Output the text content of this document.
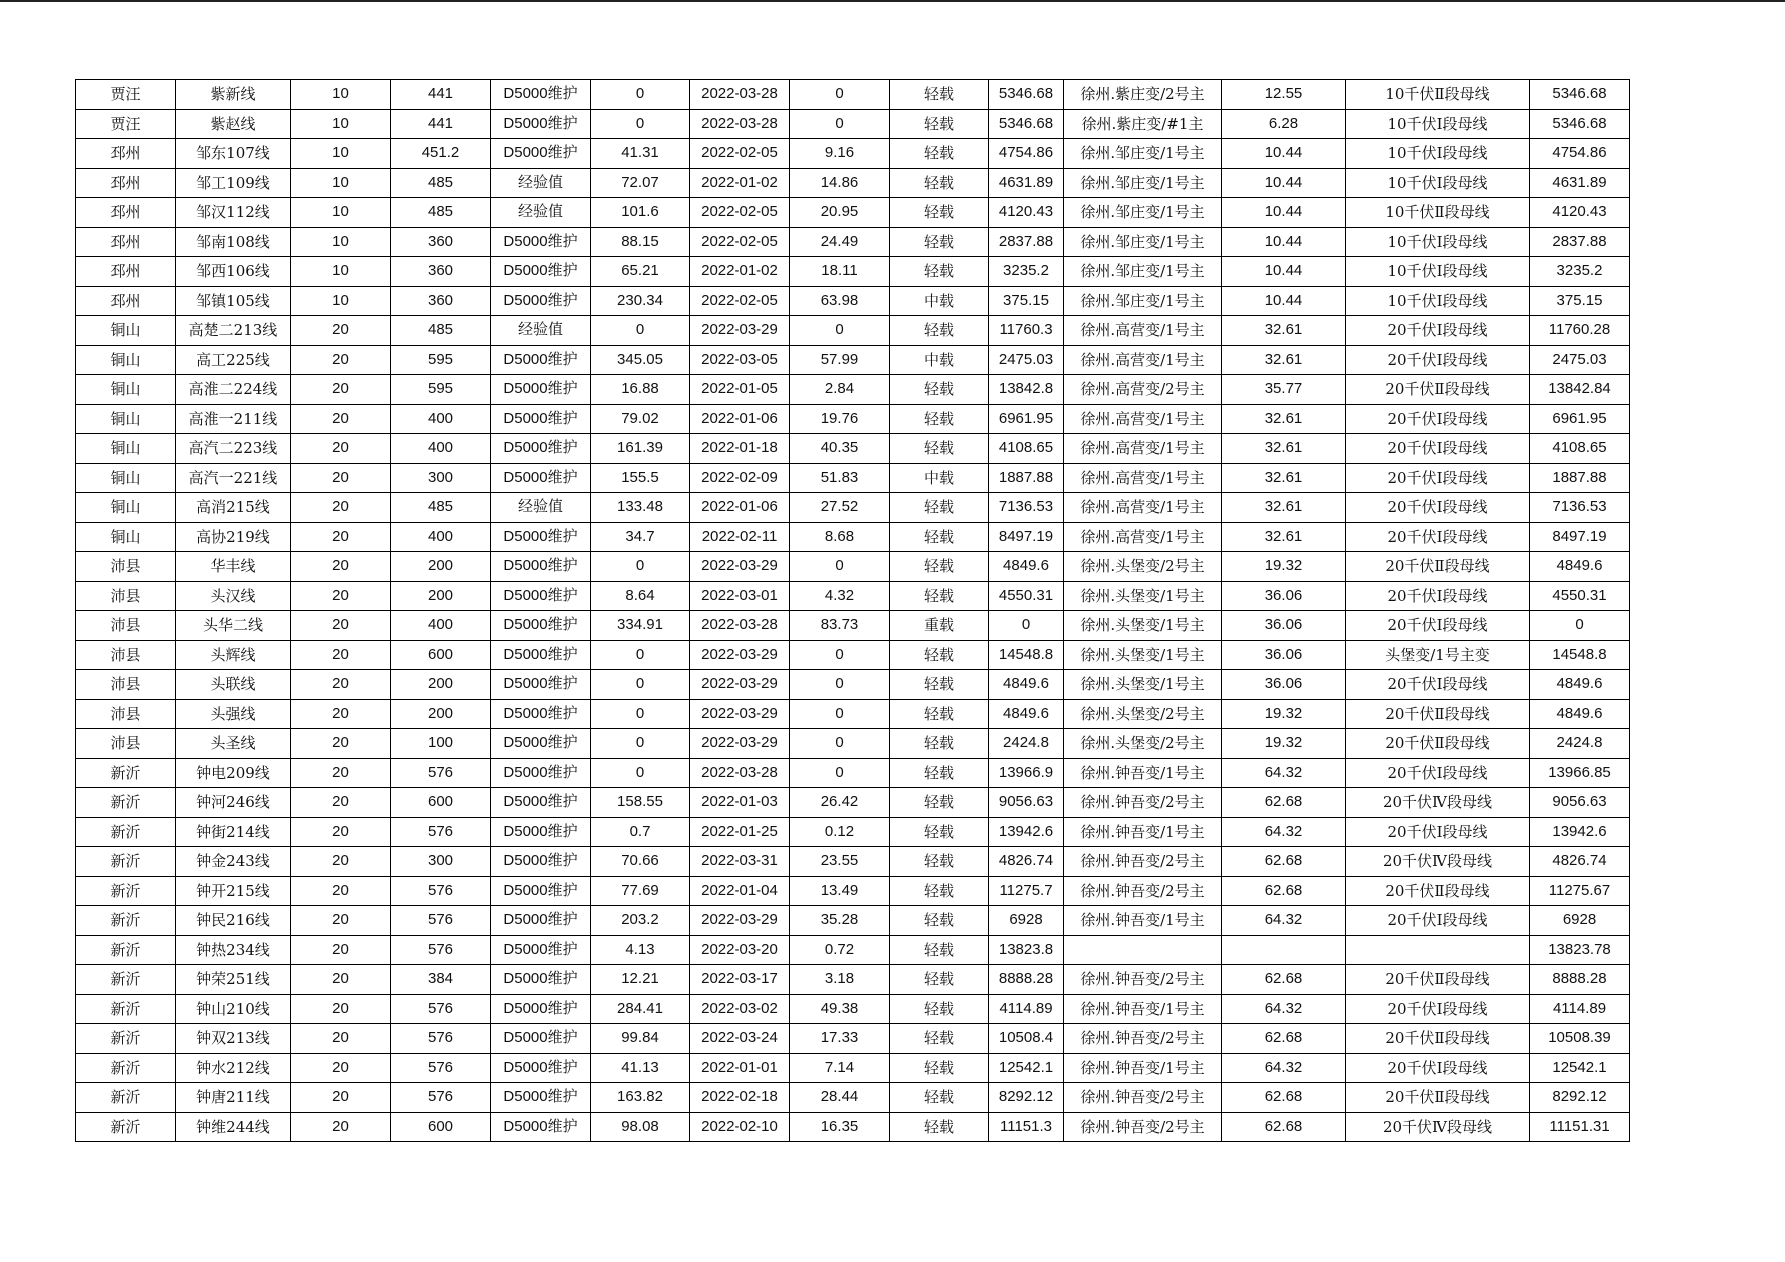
贾汪	紫新线	10	441	D5000维护	0	2022-03-28	0	轻载	5346.68	徐州.紫庄变/2号主	12.55	10千伏Ⅱ段母线	5346.68
贾汪	紫赵线	10	441	D5000维护	0	2022-03-28	0	轻载	5346.68	徐州.紫庄变/#1主	6.28	10千伏Ⅰ段母线	5346.68
邳州	邹东107线	10	451.2	D5000维护	41.31	2022-02-05	9.16	轻载	4754.86	徐州.邹庄变/1号主	10.44	10千伏Ⅰ段母线	4754.86
邳州	邹工109线	10	485	经验值	72.07	2022-01-02	14.86	轻载	4631.89	徐州.邹庄变/1号主	10.44	10千伏Ⅰ段母线	4631.89
邳州	邹汉112线	10	485	经验值	101.6	2022-02-05	20.95	轻载	4120.43	徐州.邹庄变/1号主	10.44	10千伏Ⅱ段母线	4120.43
邳州	邹南108线	10	360	D5000维护	88.15	2022-02-05	24.49	轻载	2837.88	徐州.邹庄变/1号主	10.44	10千伏Ⅰ段母线	2837.88
邳州	邹西106线	10	360	D5000维护	65.21	2022-01-02	18.11	轻载	3235.2	徐州.邹庄变/1号主	10.44	10千伏Ⅰ段母线	3235.2
邳州	邹镇105线	10	360	D5000维护	230.34	2022-02-05	63.98	中载	375.15	徐州.邹庄变/1号主	10.44	10千伏Ⅰ段母线	375.15
铜山	高楚二213线	20	485	经验值	0	2022-03-29	0	轻载	11760.3	徐州.高营变/1号主	32.61	20千伏Ⅰ段母线	11760.28
铜山	高工225线	20	595	D5000维护	345.05	2022-03-05	57.99	中载	2475.03	徐州.高营变/1号主	32.61	20千伏Ⅰ段母线	2475.03
铜山	高淮二224线	20	595	D5000维护	16.88	2022-01-05	2.84	轻载	13842.8	徐州.高营变/2号主	35.77	20千伏Ⅱ段母线	13842.84
铜山	高淮一211线	20	400	D5000维护	79.02	2022-01-06	19.76	轻载	6961.95	徐州.高营变/1号主	32.61	20千伏Ⅰ段母线	6961.95
铜山	高汽二223线	20	400	D5000维护	161.39	2022-01-18	40.35	轻载	4108.65	徐州.高营变/1号主	32.61	20千伏Ⅰ段母线	4108.65
铜山	高汽一221线	20	300	D5000维护	155.5	2022-02-09	51.83	中载	1887.88	徐州.高营变/1号主	32.61	20千伏Ⅰ段母线	1887.88
铜山	高消215线	20	485	经验值	133.48	2022-01-06	27.52	轻载	7136.53	徐州.高营变/1号主	32.61	20千伏Ⅰ段母线	7136.53
铜山	高协219线	20	400	D5000维护	34.7	2022-02-11	8.68	轻载	8497.19	徐州.高营变/1号主	32.61	20千伏Ⅰ段母线	8497.19
沛县	华丰线	20	200	D5000维护	0	2022-03-29	0	轻载	4849.6	徐州.头堡变/2号主	19.32	20千伏Ⅱ段母线	4849.6
沛县	头汉线	20	200	D5000维护	8.64	2022-03-01	4.32	轻载	4550.31	徐州.头堡变/1号主	36.06	20千伏Ⅰ段母线	4550.31
沛县	头华二线	20	400	D5000维护	334.91	2022-03-28	83.73	重载	0	徐州.头堡变/1号主	36.06	20千伏Ⅰ段母线	0
沛县	头辉线	20	600	D5000维护	0	2022-03-29	0	轻载	14548.8	徐州.头堡变/1号主	36.06	头堡变/1号主变	14548.8
沛县	头联线	20	200	D5000维护	0	2022-03-29	0	轻载	4849.6	徐州.头堡变/1号主	36.06	20千伏Ⅰ段母线	4849.6
沛县	头强线	20	200	D5000维护	0	2022-03-29	0	轻载	4849.6	徐州.头堡变/2号主	19.32	20千伏Ⅱ段母线	4849.6
沛县	头圣线	20	100	D5000维护	0	2022-03-29	0	轻载	2424.8	徐州.头堡变/2号主	19.32	20千伏Ⅱ段母线	2424.8
新沂	钟电209线	20	576	D5000维护	0	2022-03-28	0	轻载	13966.9	徐州.钟吾变/1号主	64.32	20千伏Ⅰ段母线	13966.85
新沂	钟河246线	20	600	D5000维护	158.55	2022-01-03	26.42	轻载	9056.63	徐州.钟吾变/2号主	62.68	20千伏Ⅳ段母线	9056.63
新沂	钟街214线	20	576	D5000维护	0.7	2022-01-25	0.12	轻载	13942.6	徐州.钟吾变/1号主	64.32	20千伏Ⅰ段母线	13942.6
新沂	钟金243线	20	300	D5000维护	70.66	2022-03-31	23.55	轻载	4826.74	徐州.钟吾变/2号主	62.68	20千伏Ⅳ段母线	4826.74
新沂	钟开215线	20	576	D5000维护	77.69	2022-01-04	13.49	轻载	11275.7	徐州.钟吾变/2号主	62.68	20千伏Ⅱ段母线	11275.67
新沂	钟民216线	20	576	D5000维护	203.2	2022-03-29	35.28	轻载	6928	徐州.钟吾变/1号主	64.32	20千伏Ⅰ段母线	6928
新沂	钟热234线	20	576	D5000维护	4.13	2022-03-20	0.72	轻载	13823.8				13823.78
新沂	钟荣251线	20	384	D5000维护	12.21	2022-03-17	3.18	轻载	8888.28	徐州.钟吾变/2号主	62.68	20千伏Ⅱ段母线	8888.28
新沂	钟山210线	20	576	D5000维护	284.41	2022-03-02	49.38	轻载	4114.89	徐州.钟吾变/1号主	64.32	20千伏Ⅰ段母线	4114.89
新沂	钟双213线	20	576	D5000维护	99.84	2022-03-24	17.33	轻载	10508.4	徐州.钟吾变/2号主	62.68	20千伏Ⅱ段母线	10508.39
新沂	钟水212线	20	576	D5000维护	41.13	2022-01-01	7.14	轻载	12542.1	徐州.钟吾变/1号主	64.32	20千伏Ⅰ段母线	12542.1
新沂	钟唐211线	20	576	D5000维护	163.82	2022-02-18	28.44	轻载	8292.12	徐州.钟吾变/2号主	62.68	20千伏Ⅱ段母线	8292.12
新沂	钟维244线	20	600	D5000维护	98.08	2022-02-10	16.35	轻载	11151.3	徐州.钟吾变/2号主	62.68	20千伏Ⅳ段母线	11151.31
